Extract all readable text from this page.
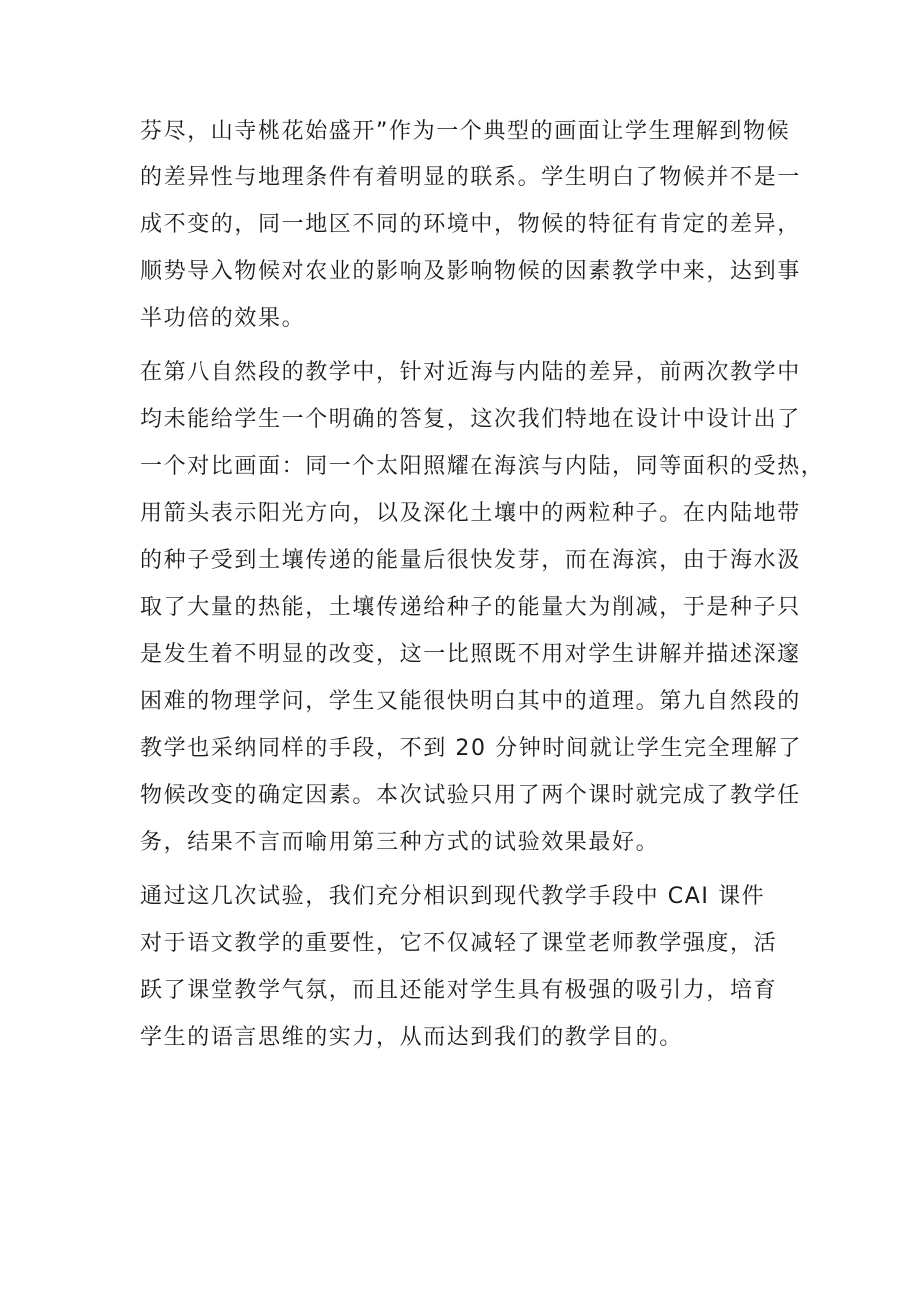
芬尽，山寺桃花始盛开”作为一个典型的画面让学生理解到物候
的差异性与地理条件有着明显的联系。学生明白了物候并不是一
成不变的，同一地区不同的环境中，物候的特征有肯定的差异，
顺势导入物候对农业的影响及影响物候的因素教学中来，达到事
半功倍的效果。
在第八自然段的教学中，针对近海与内陆的差异，前两次教学中
均未能给学生一个明确的答复，这次我们特地在设计中设计出了
一个对比画面：同一个太阳照耀在海滨与内陆，同等面积的受热，
用箭头表示阳光方向，以及深化土壤中的两粒种子。在内陆地带
的种子受到土壤传递的能量后很快发芽，而在海滨，由于海水汲
取了大量的热能，土壤传递给种子的能量大为削减，于是种子只
是发生着不明显的改变，这一比照既不用对学生讲解并描述深邃
困难的物理学问，学生又能很快明白其中的道理。第九自然段的
教学也采纳同样的手段，不到 20 分钟时间就让学生完全理解了
物候改变的确定因素。本次试验只用了两个课时就完成了教学任
务，结果不言而喻用第三种方式的试验效果最好。
通过这几次试验，我们充分相识到现代教学手段中 CAI 课件
对于语文教学的重要性，它不仅减轻了课堂老师教学强度，活
跃了课堂教学气氛，而且还能对学生具有极强的吸引力，培育
学生的语言思维的实力，从而达到我们的教学目的。
